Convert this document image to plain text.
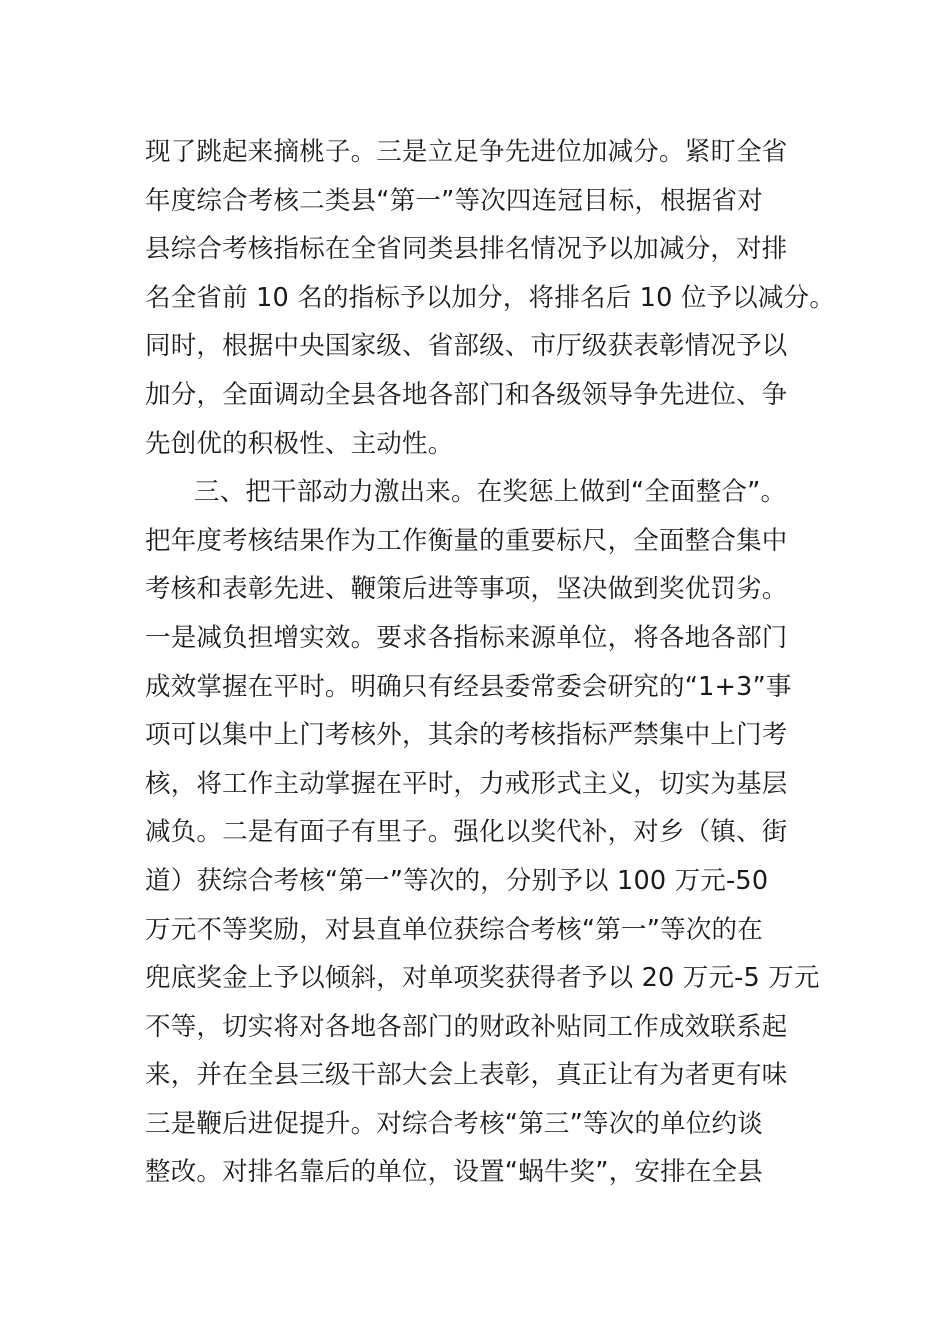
现了跳起来摘桃子。三是立足争先进位加减分。紧盯全省
年度综合考核二类县“第一”等次四连冠目标，根据省对
县综合考核指标在全省同类县排名情况予以加减分，对排
名全省前 10 名的指标予以加分，将排名后 10 位予以减分。
同时，根据中央国家级、省部级、市厅级获表彰情况予以
加分，全面调动全县各地各部门和各级领导争先进位、争
先创优的积极性、主动性。
三、把干部动力激出来。在奖惩上做到“全面整合”。
把年度考核结果作为工作衡量的重要标尺，全面整合集中
考核和表彰先进、鞭策后进等事项，坚决做到奖优罚劣。
一是减负担增实效。要求各指标来源单位，将各地各部门
成效掌握在平时。明确只有经县委常委会研究的“1+3”事
项可以集中上门考核外，其余的考核指标严禁集中上门考
核，将工作主动掌握在平时，力戒形式主义，切实为基层
减负。二是有面子有里子。强化以奖代补，对乡（镇、街
道）获综合考核“第一”等次的，分别予以 100 万元-50
万元不等奖励，对县直单位获综合考核“第一”等次的在
兜底奖金上予以倾斜，对单项奖获得者予以 20 万元-5 万元
不等，切实将对各地各部门的财政补贴同工作成效联系起
来，并在全县三级干部大会上表彰，真正让有为者更有味
三是鞭后进促提升。对综合考核“第三”等次的单位约谈
整改。对排名靠后的单位，设置“蜗牛奖”，安排在全县
